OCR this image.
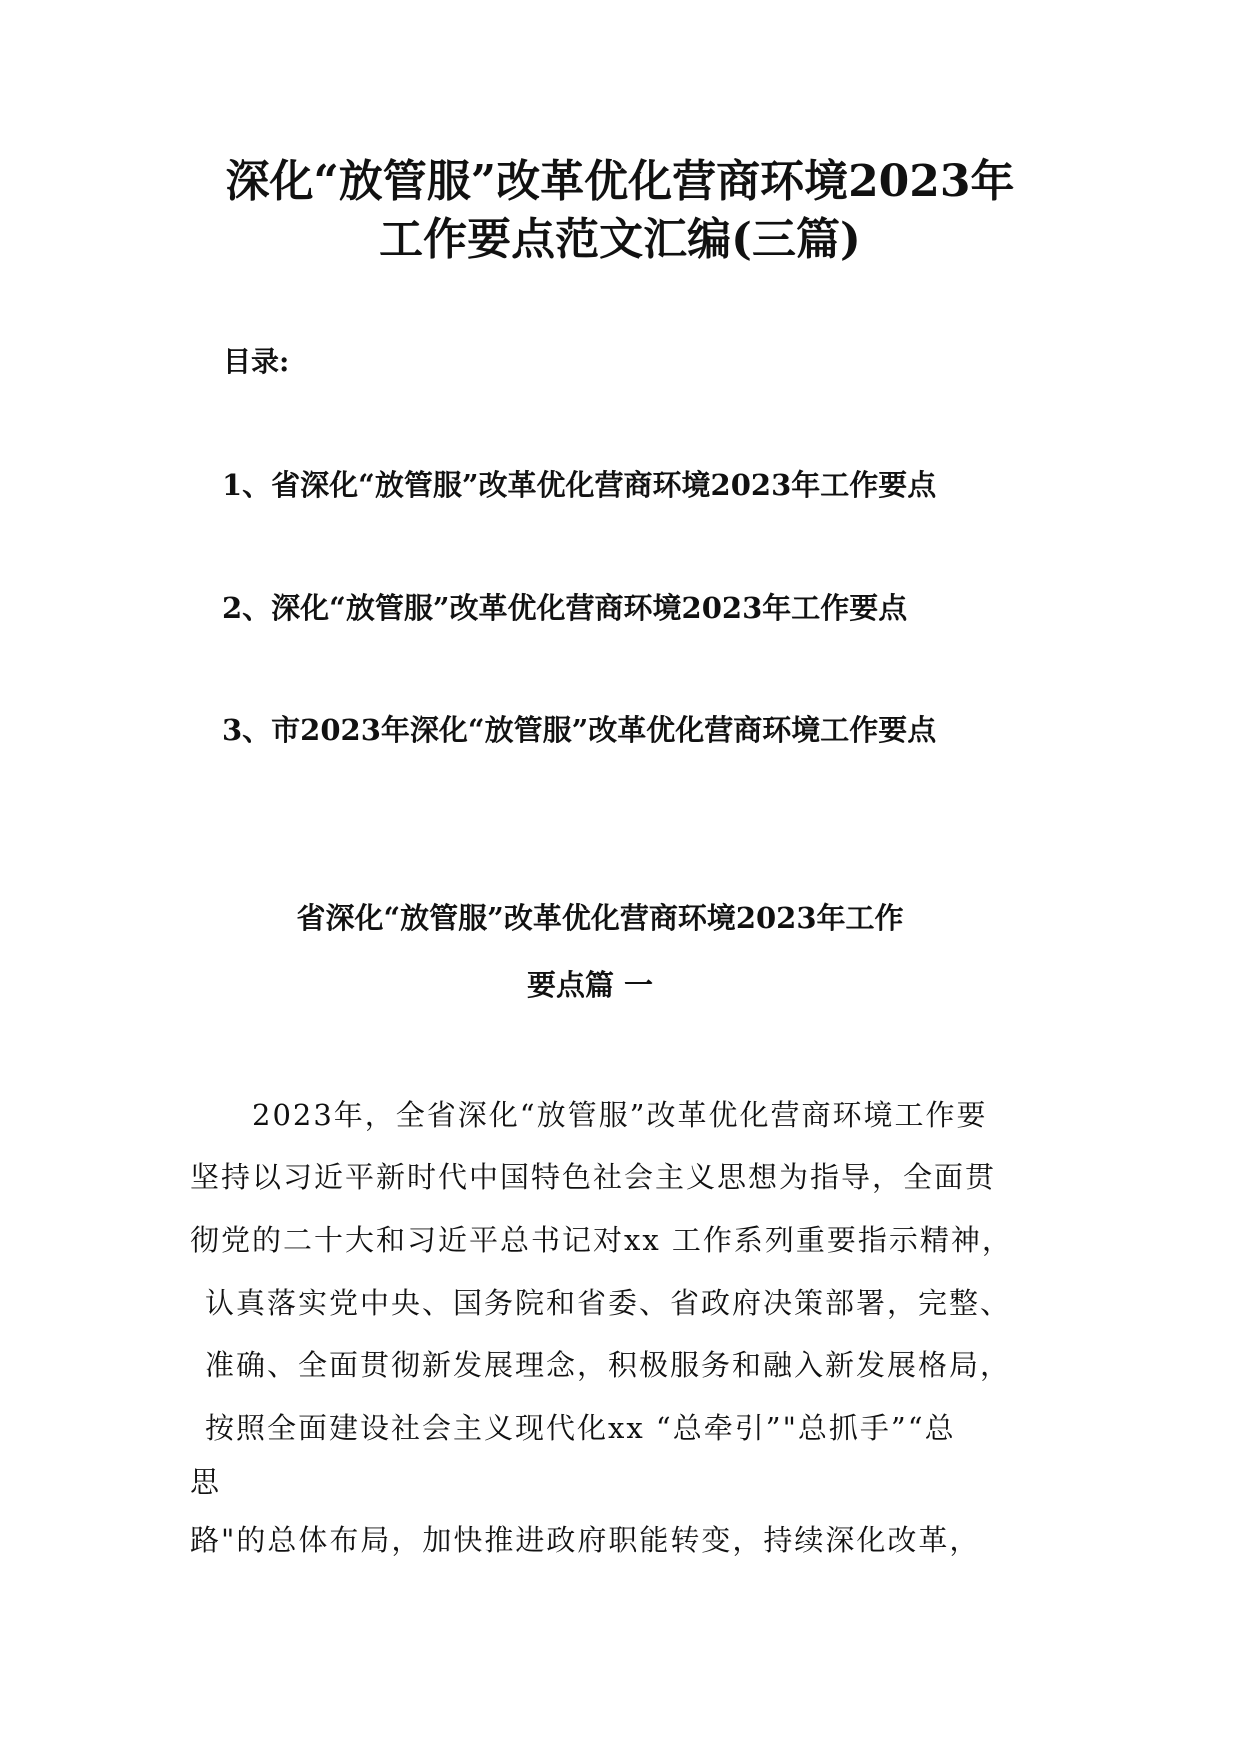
深化“放管服”改革优化营商环境2023年
工作要点范文汇编(三篇)
目录:
1、省深化“放管服”改革优化营商环境2023年工作要点
2、深化“放管服”改革优化营商环境2023年工作要点
3、市2023年深化“放管服”改革优化营商环境工作要点
省深化“放管服”改革优化营商环境2023年工作
要点篇 一
2023年，全省深化“放管服”改革优化营商环境工作要
坚持以习近平新时代中国特色社会主义思想为指导，全面贯
彻党的二十大和习近平总书记对xx 工作系列重要指示精神，
认真落实党中央、国务院和省委、省政府决策部署，完整、
准确、全面贯彻新发展理念，积极服务和融入新发展格局，
按照全面建设社会主义现代化xx “总牵引”"总抓手”“总
思
路"的总体布局，加快推进政府职能转变，持续深化改革，
